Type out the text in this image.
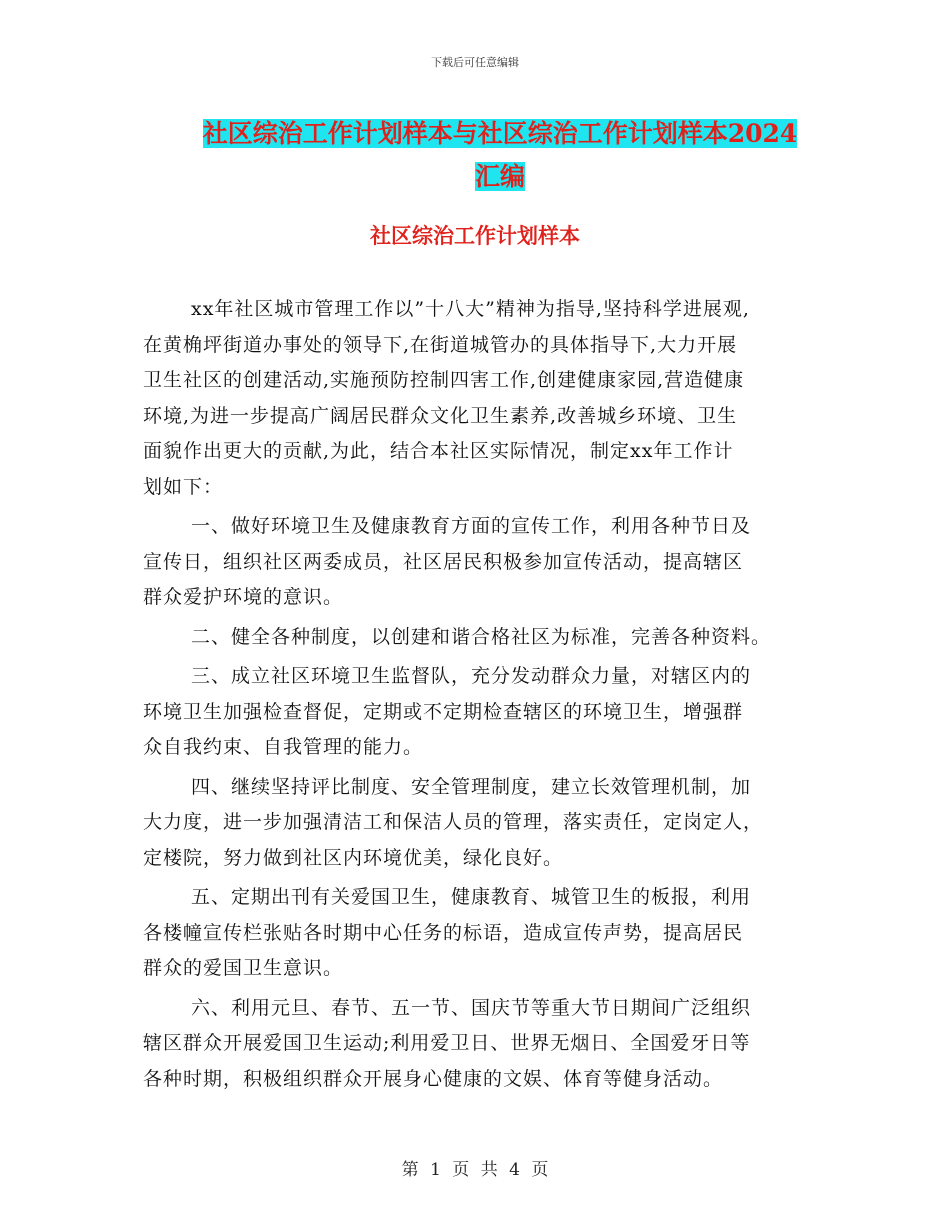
下载后可任意编辑
社区综治工作计划样本与社区综治工作计划样本2024
汇编
社区综治工作计划样本
xx年社区城市管理工作以”十八大”精神为指导,坚持科学进展观,
在黄桷坪街道办事处的领导下,在街道城管办的具体指导下,大力开展
卫生社区的创建活动,实施预防控制四害工作,创建健康家园,营造健康
环境,为进一步提高广阔居民群众文化卫生素养,改善城乡环境、卫生
面貌作出更大的贡献,为此，结合本社区实际情况，制定xx年工作计
划如下：
一、做好环境卫生及健康教育方面的宣传工作，利用各种节日及
宣传日，组织社区两委成员，社区居民积极参加宣传活动，提高辖区
群众爱护环境的意识。
二、健全各种制度，以创建和谐合格社区为标准，完善各种资料。
三、成立社区环境卫生监督队，充分发动群众力量，对辖区内的
环境卫生加强检查督促，定期或不定期检查辖区的环境卫生，增强群
众自我约束、自我管理的能力。
四、继续坚持评比制度、安全管理制度，建立长效管理机制，加
大力度，进一步加强清洁工和保洁人员的管理，落实责任，定岗定人，
定楼院，努力做到社区内环境优美，绿化良好。
五、定期出刊有关爱国卫生，健康教育、城管卫生的板报，利用
各楼幢宣传栏张贴各时期中心任务的标语，造成宣传声势，提高居民
群众的爱国卫生意识。
六、利用元旦、春节、五一节、国庆节等重大节日期间广泛组织
辖区群众开展爱国卫生运动;利用爱卫日、世界无烟日、全国爱牙日等
各种时期，积极组织群众开展身心健康的文娱、体育等健身活动。
第 1 页 共 4 页
